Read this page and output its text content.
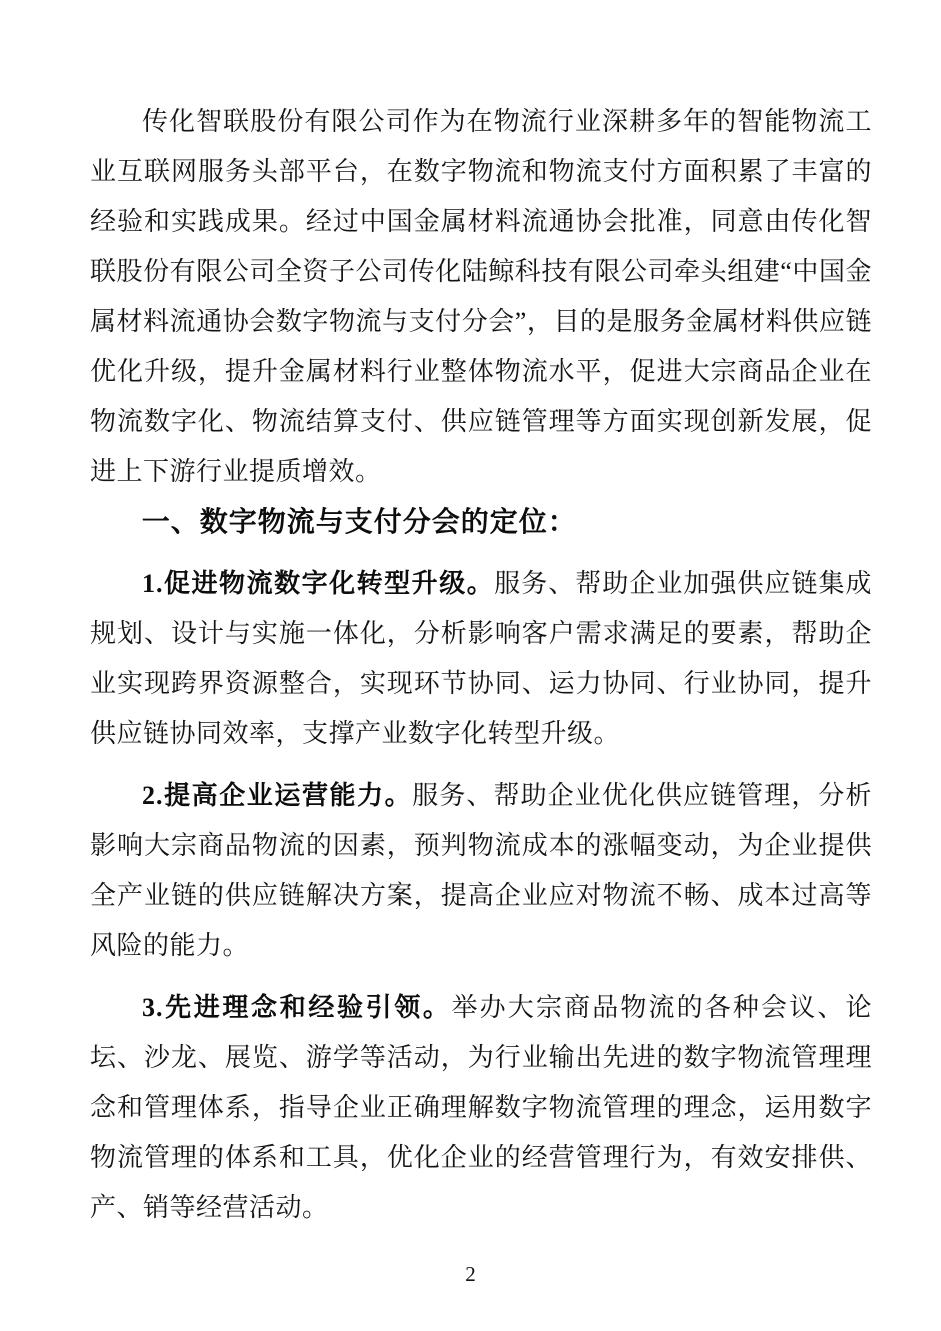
传化智联股份有限公司作为在物流行业深耕多年的智能物流工业互联网服务头部平台，在数字物流和物流支付方面积累了丰富的经验和实践成果。经过中国金属材料流通协会批准，同意由传化智联股份有限公司全资子公司传化陆鲸科技有限公司牵头组建“中国金属材料流通协会数字物流与支付分会”，目的是服务金属材料供应链优化升级，提升金属材料行业整体物流水平，促进大宗商品企业在物流数字化、物流结算支付、供应链管理等方面实现创新发展，促进上下游行业提质增效。

一、数字物流与支付分会的定位：

1.促进物流数字化转型升级。服务、帮助企业加强供应链集成规划、设计与实施一体化，分析影响客户需求满足的要素，帮助企业实现跨界资源整合，实现环节协同、运力协同、行业协同，提升供应链协同效率，支撑产业数字化转型升级。

2.提高企业运营能力。服务、帮助企业优化供应链管理，分析影响大宗商品物流的因素，预判物流成本的涨幅变动，为企业提供全产业链的供应链解决方案，提高企业应对物流不畅、成本过高等风险的能力。

3.先进理念和经验引领。举办大宗商品物流的各种会议、论坛、沙龙、展览、游学等活动，为行业输出先进的数字物流管理理念和管理体系，指导企业正确理解数字物流管理的理念，运用数字物流管理的体系和工具，优化企业的经营管理行为，有效安排供、产、销等经营活动。

2
